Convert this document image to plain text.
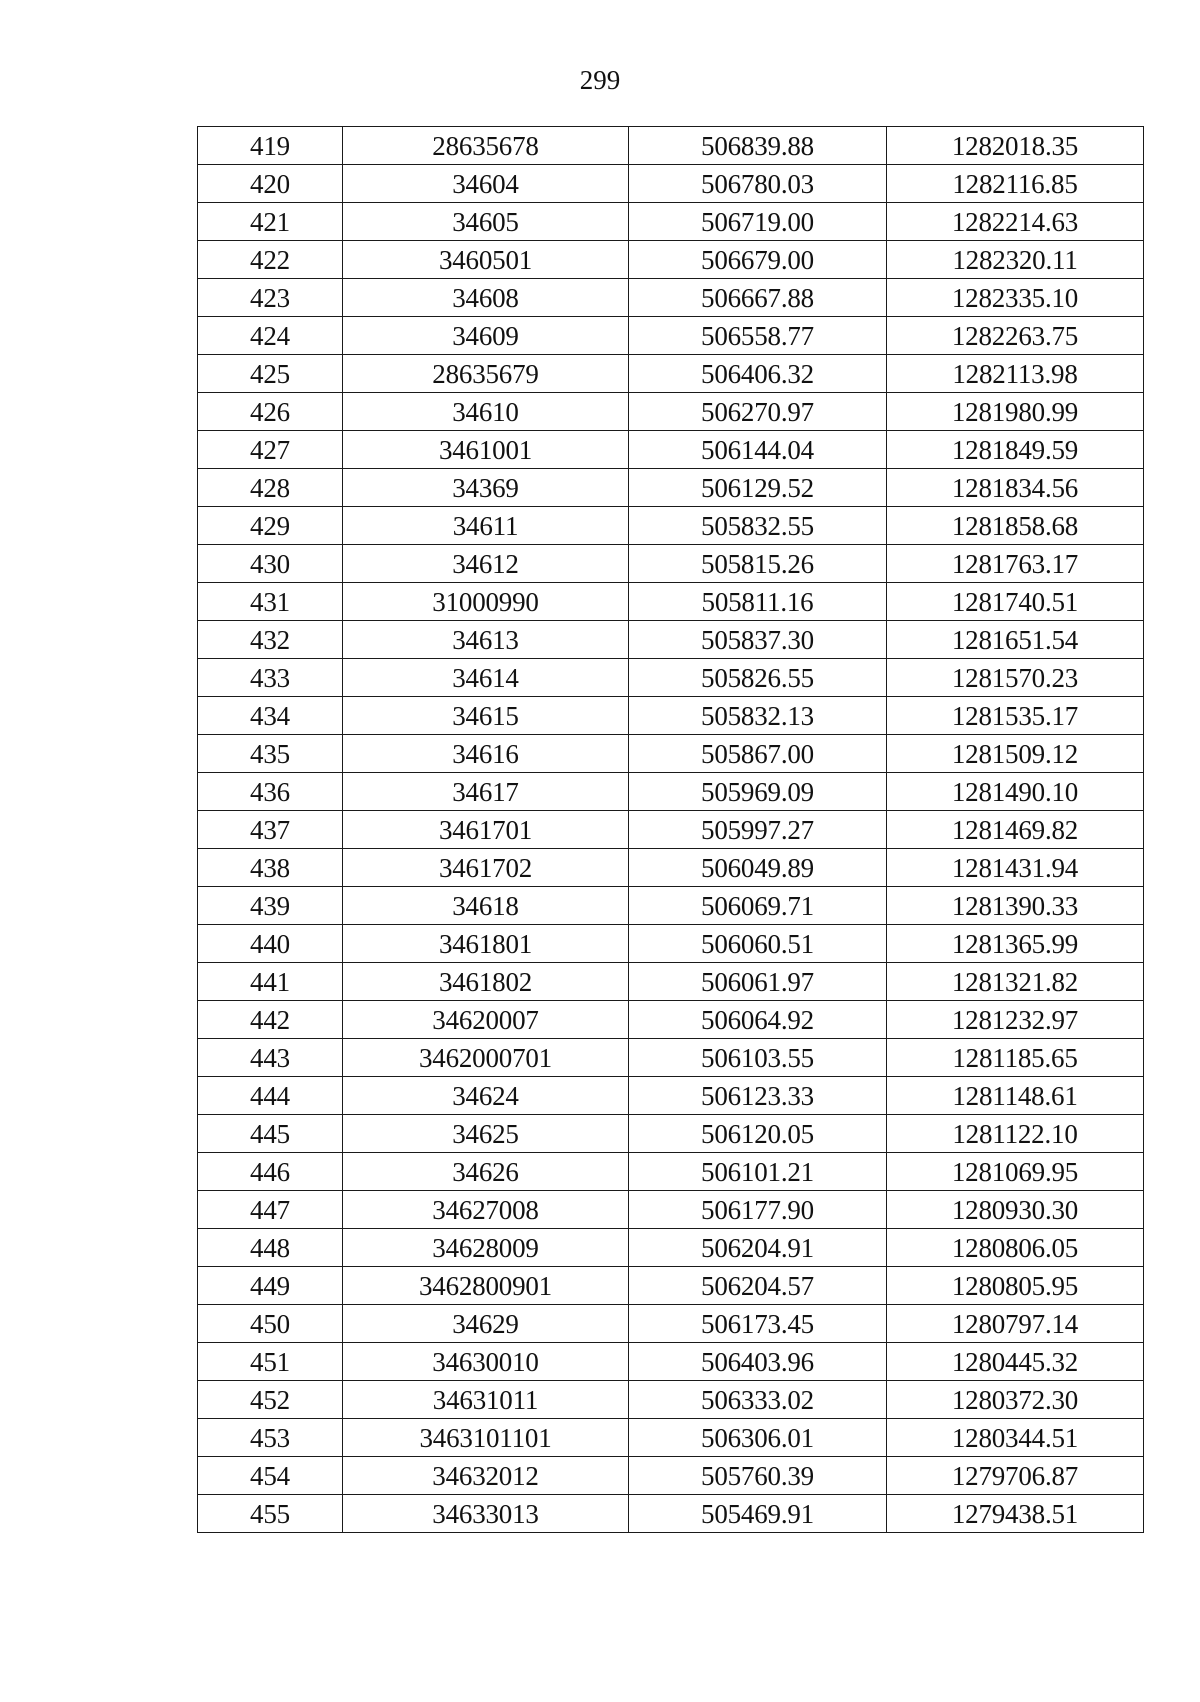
299
419	28635678	506839.88	1282018.35
420	34604	506780.03	1282116.85
421	34605	506719.00	1282214.63
422	3460501	506679.00	1282320.11
423	34608	506667.88	1282335.10
424	34609	506558.77	1282263.75
425	28635679	506406.32	1282113.98
426	34610	506270.97	1281980.99
427	3461001	506144.04	1281849.59
428	34369	506129.52	1281834.56
429	34611	505832.55	1281858.68
430	34612	505815.26	1281763.17
431	31000990	505811.16	1281740.51
432	34613	505837.30	1281651.54
433	34614	505826.55	1281570.23
434	34615	505832.13	1281535.17
435	34616	505867.00	1281509.12
436	34617	505969.09	1281490.10
437	3461701	505997.27	1281469.82
438	3461702	506049.89	1281431.94
439	34618	506069.71	1281390.33
440	3461801	506060.51	1281365.99
441	3461802	506061.97	1281321.82
442	34620007	506064.92	1281232.97
443	3462000701	506103.55	1281185.65
444	34624	506123.33	1281148.61
445	34625	506120.05	1281122.10
446	34626	506101.21	1281069.95
447	34627008	506177.90	1280930.30
448	34628009	506204.91	1280806.05
449	3462800901	506204.57	1280805.95
450	34629	506173.45	1280797.14
451	34630010	506403.96	1280445.32
452	34631011	506333.02	1280372.30
453	3463101101	506306.01	1280344.51
454	34632012	505760.39	1279706.87
455	34633013	505469.91	1279438.51
